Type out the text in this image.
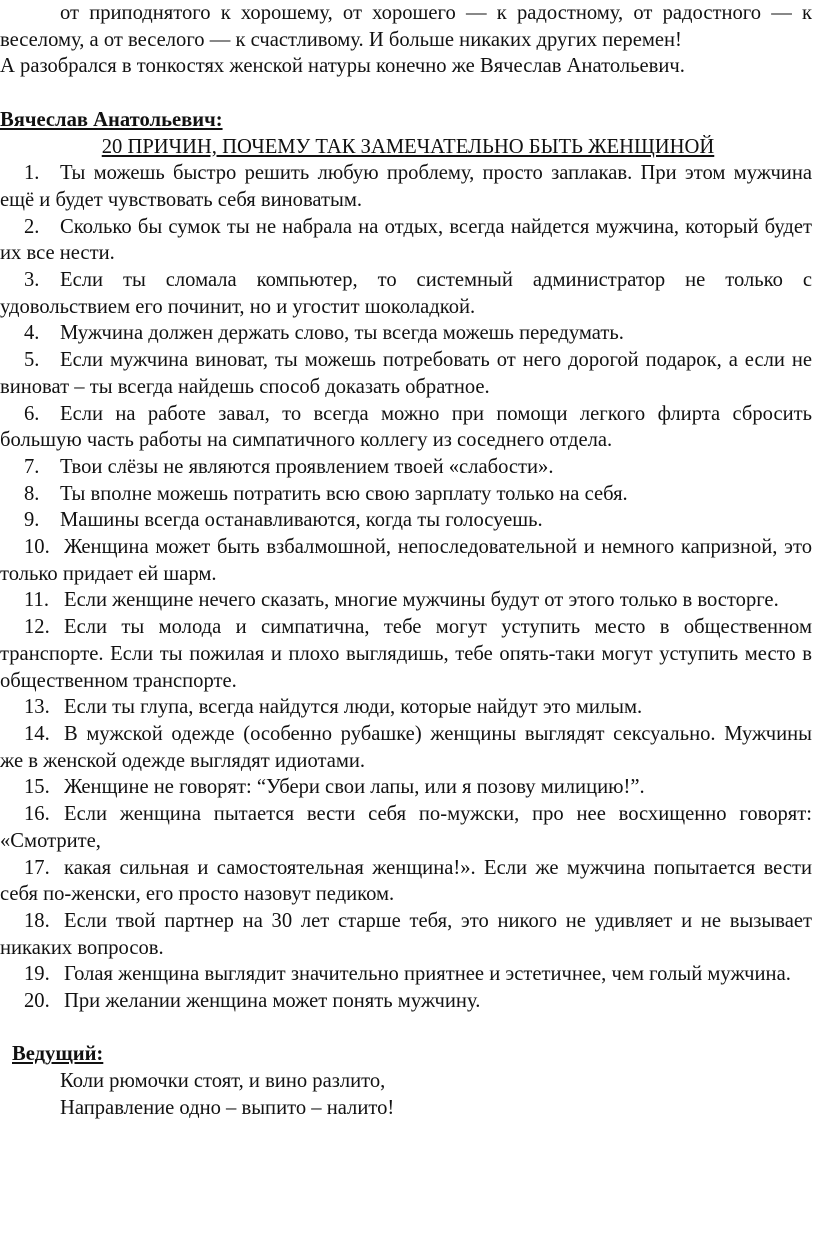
от приподнятого к хорошему, от хорошего — к радостному, от радостного — к веселому, а от веселого — к счастливому. И больше никаких других перемен!

А разобрался в тонкостях женской натуры конечно же Вячеслав Анатольевич.

Вячеслав Анатольевич:

20 ПРИЧИН, ПОЧЕМУ ТАК ЗАМЕЧАТЕЛЬНО БЫТЬ ЖЕНЩИНОЙ

1. Ты можешь быстро решить любую проблему, просто заплакав. При этом мужчина ещё и будет чувствовать себя виноватым.

2. Сколько бы сумок ты не набрала на отдых, всегда найдется мужчина, который будет их все нести.

3. Если ты сломала компьютер, то системный администратор не только с удовольствием его починит, но и угостит шоколадкой.

4. Мужчина должен держать слово, ты всегда можешь передумать.

5. Если мужчина виноват, ты можешь потребовать от него дорогой подарок, а если не виноват – ты всегда найдешь способ доказать обратное.

6. Если на работе завал, то всегда можно при помощи легкого флирта сбросить большую часть работы на симпатичного коллегу из соседнего отдела.

7. Твои слёзы не являются проявлением твоей «слабости».

8. Ты вполне можешь потратить всю свою зарплату только на себя.

9. Машины всегда останавливаются, когда ты голосуешь.

10. Женщина может быть взбалмошной, непоследовательной и немного капризной, это только придает ей шарм.

11. Если женщине нечего сказать, многие мужчины будут от этого только в восторге.

12. Если ты молода и симпатична, тебе могут уступить место в общественном транспорте. Если ты пожилая и плохо выглядишь, тебе опять-таки могут уступить место в общественном транспорте.

13. Если ты глупа, всегда найдутся люди, которые найдут это милым.

14. В мужской одежде (особенно рубашке) женщины выглядят сексуально. Мужчины же в женской одежде выглядят идиотами.

15. Женщине не говорят: “Убери свои лапы, или я позову милицию!”.

16. Если женщина пытается вести себя по-мужски, про нее восхищенно говорят: «Смотрите,

17. какая сильная и самостоятельная женщина!». Если же мужчина попытается вести себя по-женски, его просто назовут педиком.

18. Если твой партнер на 30 лет старше тебя, это никого не удивляет и не вызывает никаких вопросов.

19. Голая женщина выглядит значительно приятнее и эстетичнее, чем голый мужчина.

20. При желании женщина может понять мужчину.

Ведущий:

Коли рюмочки стоят, и вино разлито,

Направление одно – выпито – налито!
